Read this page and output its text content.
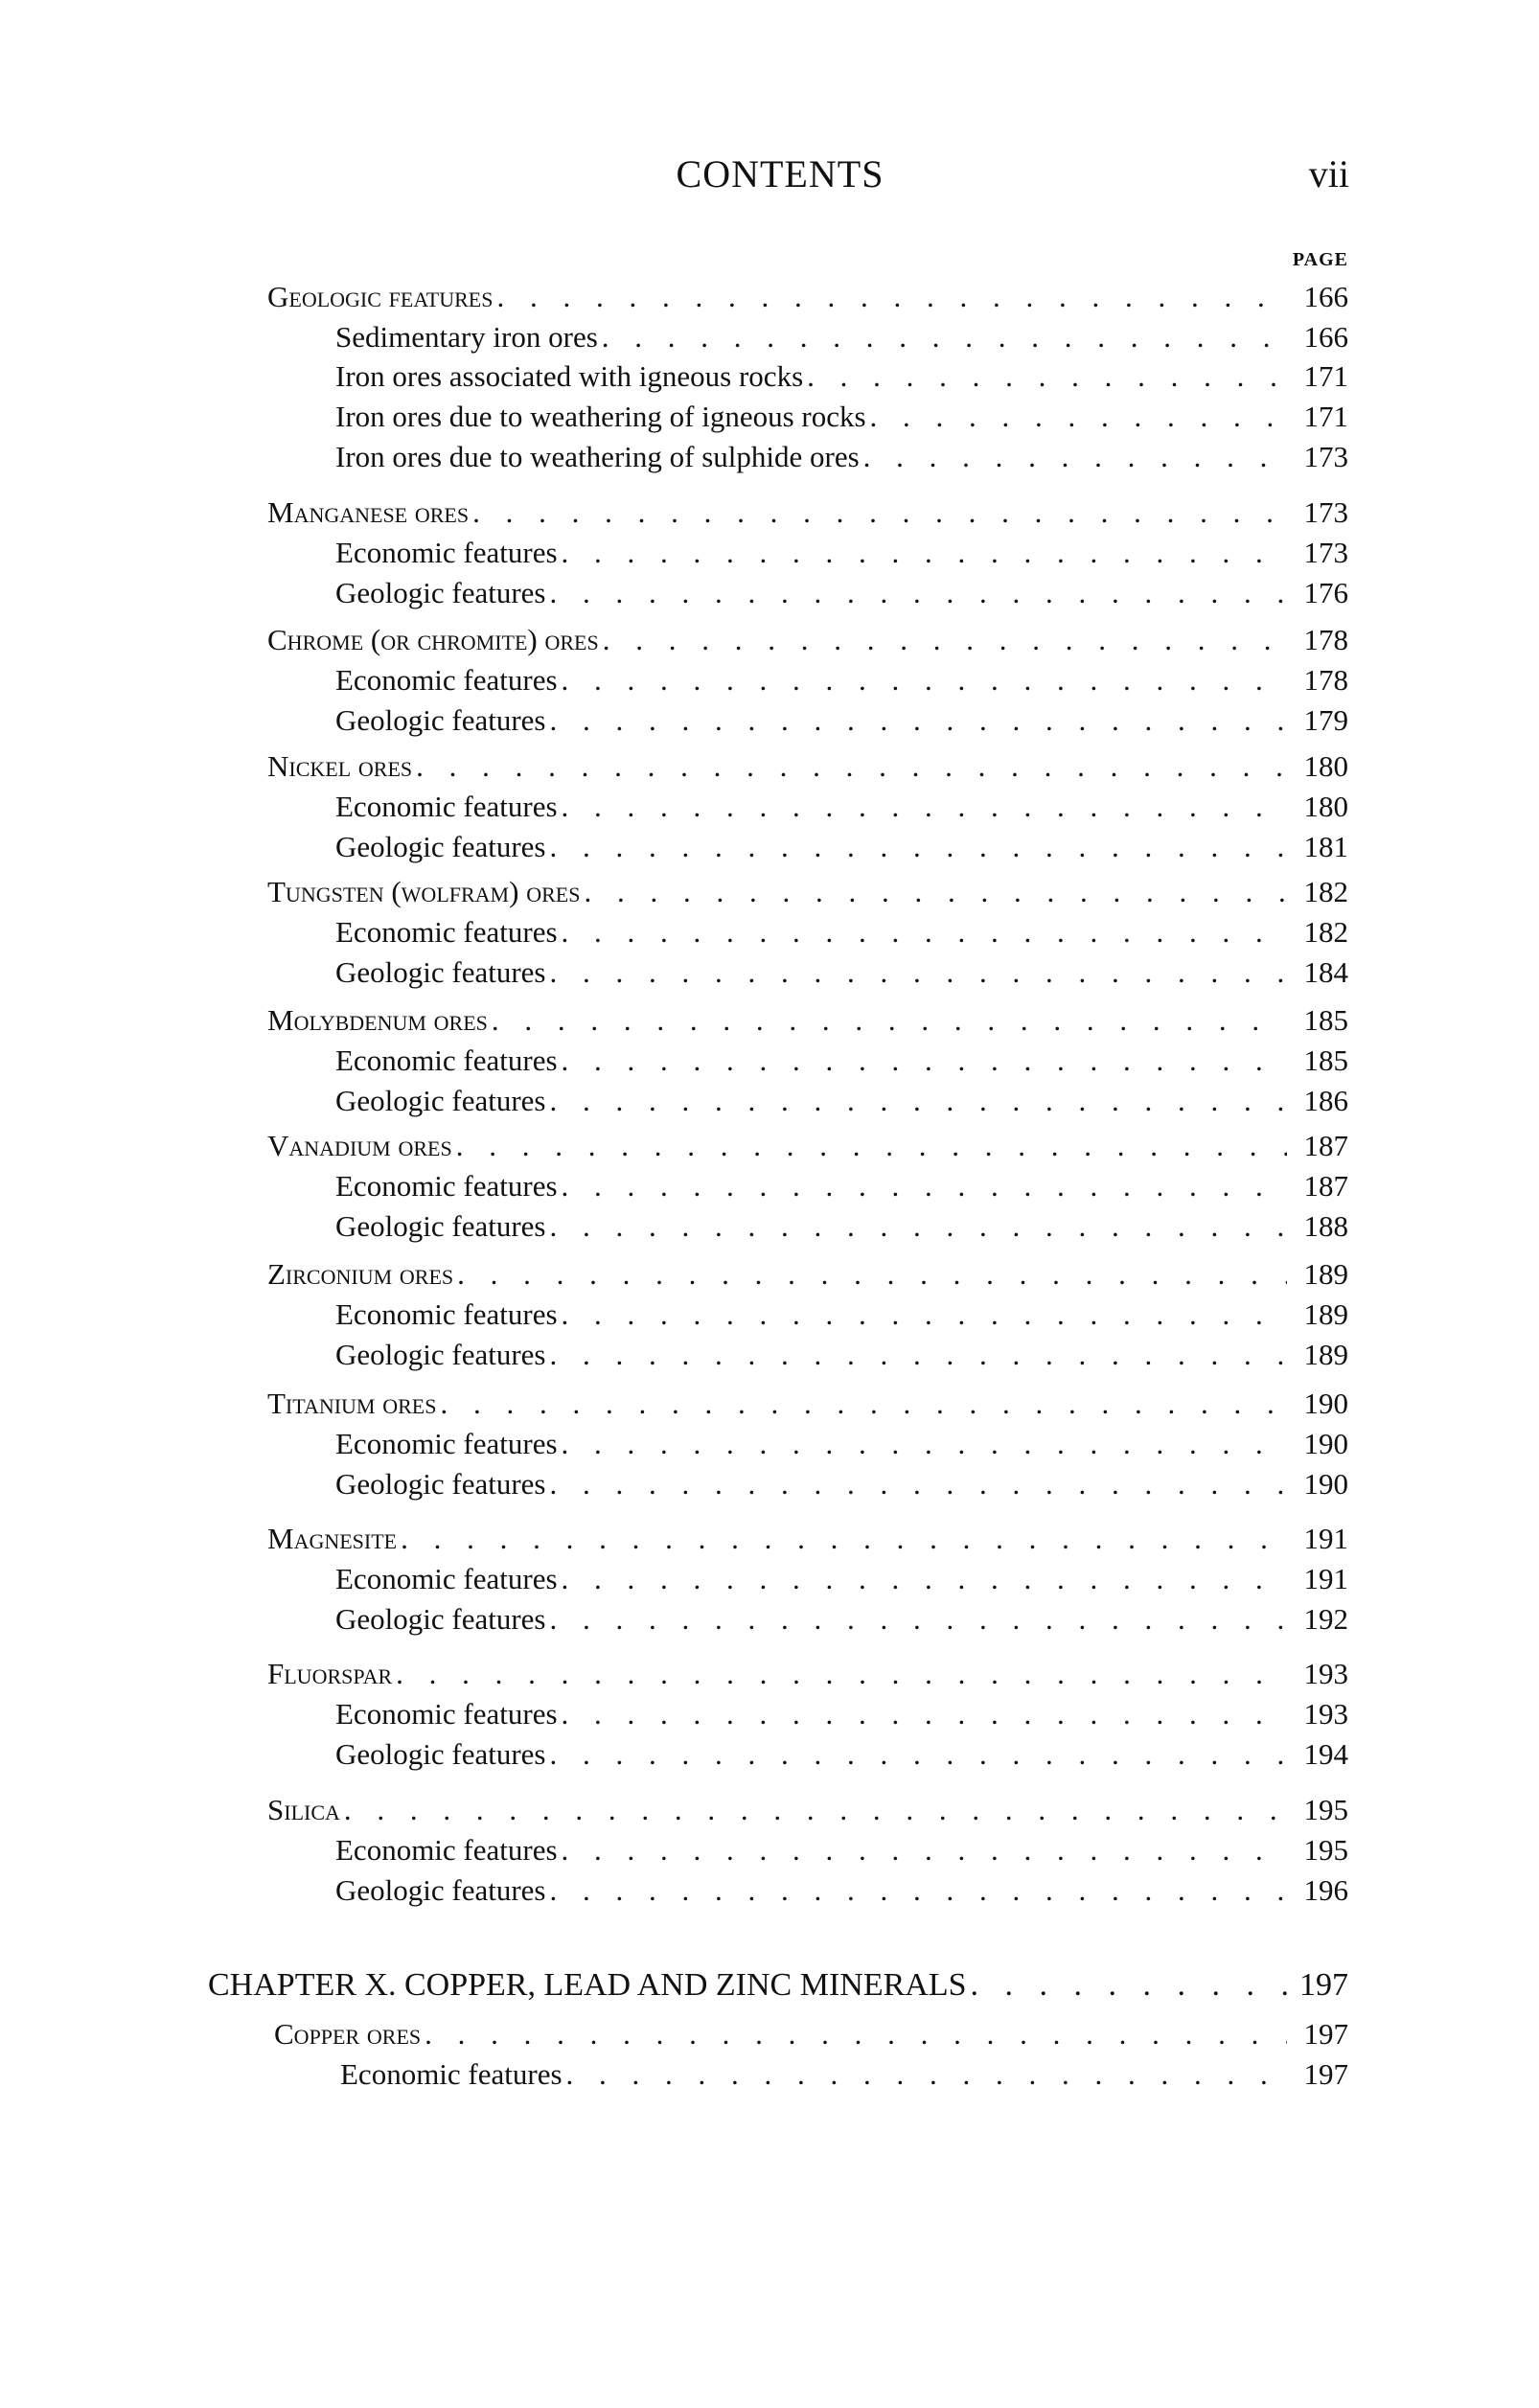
CONTENTS	vii
PAGE
Geologic features . . .	166
Sedimentary iron ores . . .	166
Iron ores associated with igneous rocks . . .	171
Iron ores due to weathering of igneous rocks . . .	171
Iron ores due to weathering of sulphide ores . . .	173
Manganese ores . . .	173
Economic features . . .	173
Geologic features . . .	176
Chrome (or chromite) ores . . .	178
Economic features . . .	178
Geologic features . . .	179
Nickel ores . . .	180
Economic features . . .	180
Geologic features . . .	181
Tungsten (wolfram) ores . . .	182
Economic features . . .	182
Geologic features . . .	184
Molybdenum ores . . .	185
Economic features . . .	185
Geologic features . . .	186
Vanadium ores . . .	187
Economic features . . .	187
Geologic features . . .	188
Zirconium ores . . .	189
Economic features . . .	189
Geologic features . . .	189
Titanium ores . . .	190
Economic features . . .	190
Geologic features . . .	190
Magnesite . . .	191
Economic features . . .	191
Geologic features . . .	192
Fluorspar . . .	193
Economic features . . .	193
Geologic features . . .	194
Silica . . .	195
Economic features . . .	195
Geologic features . . .	196
CHAPTER X. COPPER, LEAD AND ZINC MINERALS . . .	197
Copper ores . . .	197
Economic features . . .	197
